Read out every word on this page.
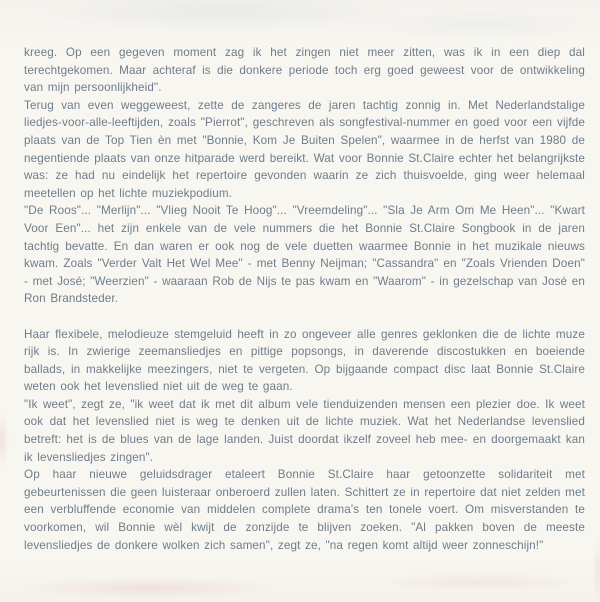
kreeg. Op een gegeven moment zag ik het zingen niet meer zitten, was ik in een diep dal terechtgekomen. Maar achteraf is die donkere periode toch erg goed geweest voor de ontwikkeling van mijn persoonlijkheid".

Terug van even weggeweest, zette de zangeres de jaren tachtig zonnig in. Met Nederlandstalige liedjes-voor-alle-leeftijden, zoals "Pierrot", geschreven als songfestival-nummer en goed voor een vijfde plaats van de Top Tien èn met "Bonnie, Kom Je Buiten Spelen", waarmee in de herfst van 1980 de negentiende plaats van onze hitparade werd bereikt. Wat voor Bonnie St.Claire echter het belangrijkste was: ze had nu eindelijk het repertoire gevonden waarin ze zich thuisvoelde, ging weer helemaal meetellen op het lichte muziekpodium.

"De Roos"... "Merlijn"... "Vlieg Nooit Te Hoog"... "Vreemdeling"... "Sla Je Arm Om Me Heen"... "Kwart Voor Een"... het zijn enkele van de vele nummers die het Bonnie St.Claire Songbook in de jaren tachtig bevatte. En dan waren er ook nog de vele duetten waarmee Bonnie in het muzikale nieuws kwam. Zoals "Verder Valt Het Wel Mee" - met Benny Neijman; "Cassandra" en "Zoals Vrienden Doen" - met José; "Weerzien" - waaraan Rob de Nijs te pas kwam en "Waarom" - in gezelschap van José en Ron Brandsteder.

Haar flexibele, melodieuze stemgeluid heeft in zo ongeveer alle genres geklonken die de lichte muze rijk is. In zwierige zeemansliedjes en pittige popsongs, in daverende discostukken en boeiende ballads, in makkelijke meezingers, niet te vergeten. Op bijgaande compact disc laat Bonnie St.Claire weten ook het levenslied niet uit de weg te gaan.

"Ik weet", zegt ze, "ik weet dat ik met dit album vele tienduizenden mensen een plezier doe. Ik weet ook dat het levenslied niet is weg te denken uit de lichte muziek. Wat het Nederlandse levenslied betreft: het is de blues van de lage landen. Juist doordat ikzelf zoveel heb mee- en doorgemaakt kan ik levensliedjes zingen".

Op haar nieuwe geluidsdrager etaleert Bonnie St.Claire haar getoonzette solidariteit met gebeurtenissen die geen luisteraar onberoerd zullen laten. Schittert ze in repertoire dat niet zelden met een verbluffende economie van middelen complete drama's ten tonele voert. Om misverstanden te voorkomen, wil Bonnie wèl kwijt de zonzijde te blijven zoeken. "Al pakken boven de meeste levensliedjes de donkere wolken zich samen", zegt ze, "na regen komt altijd weer zonneschijn!"
